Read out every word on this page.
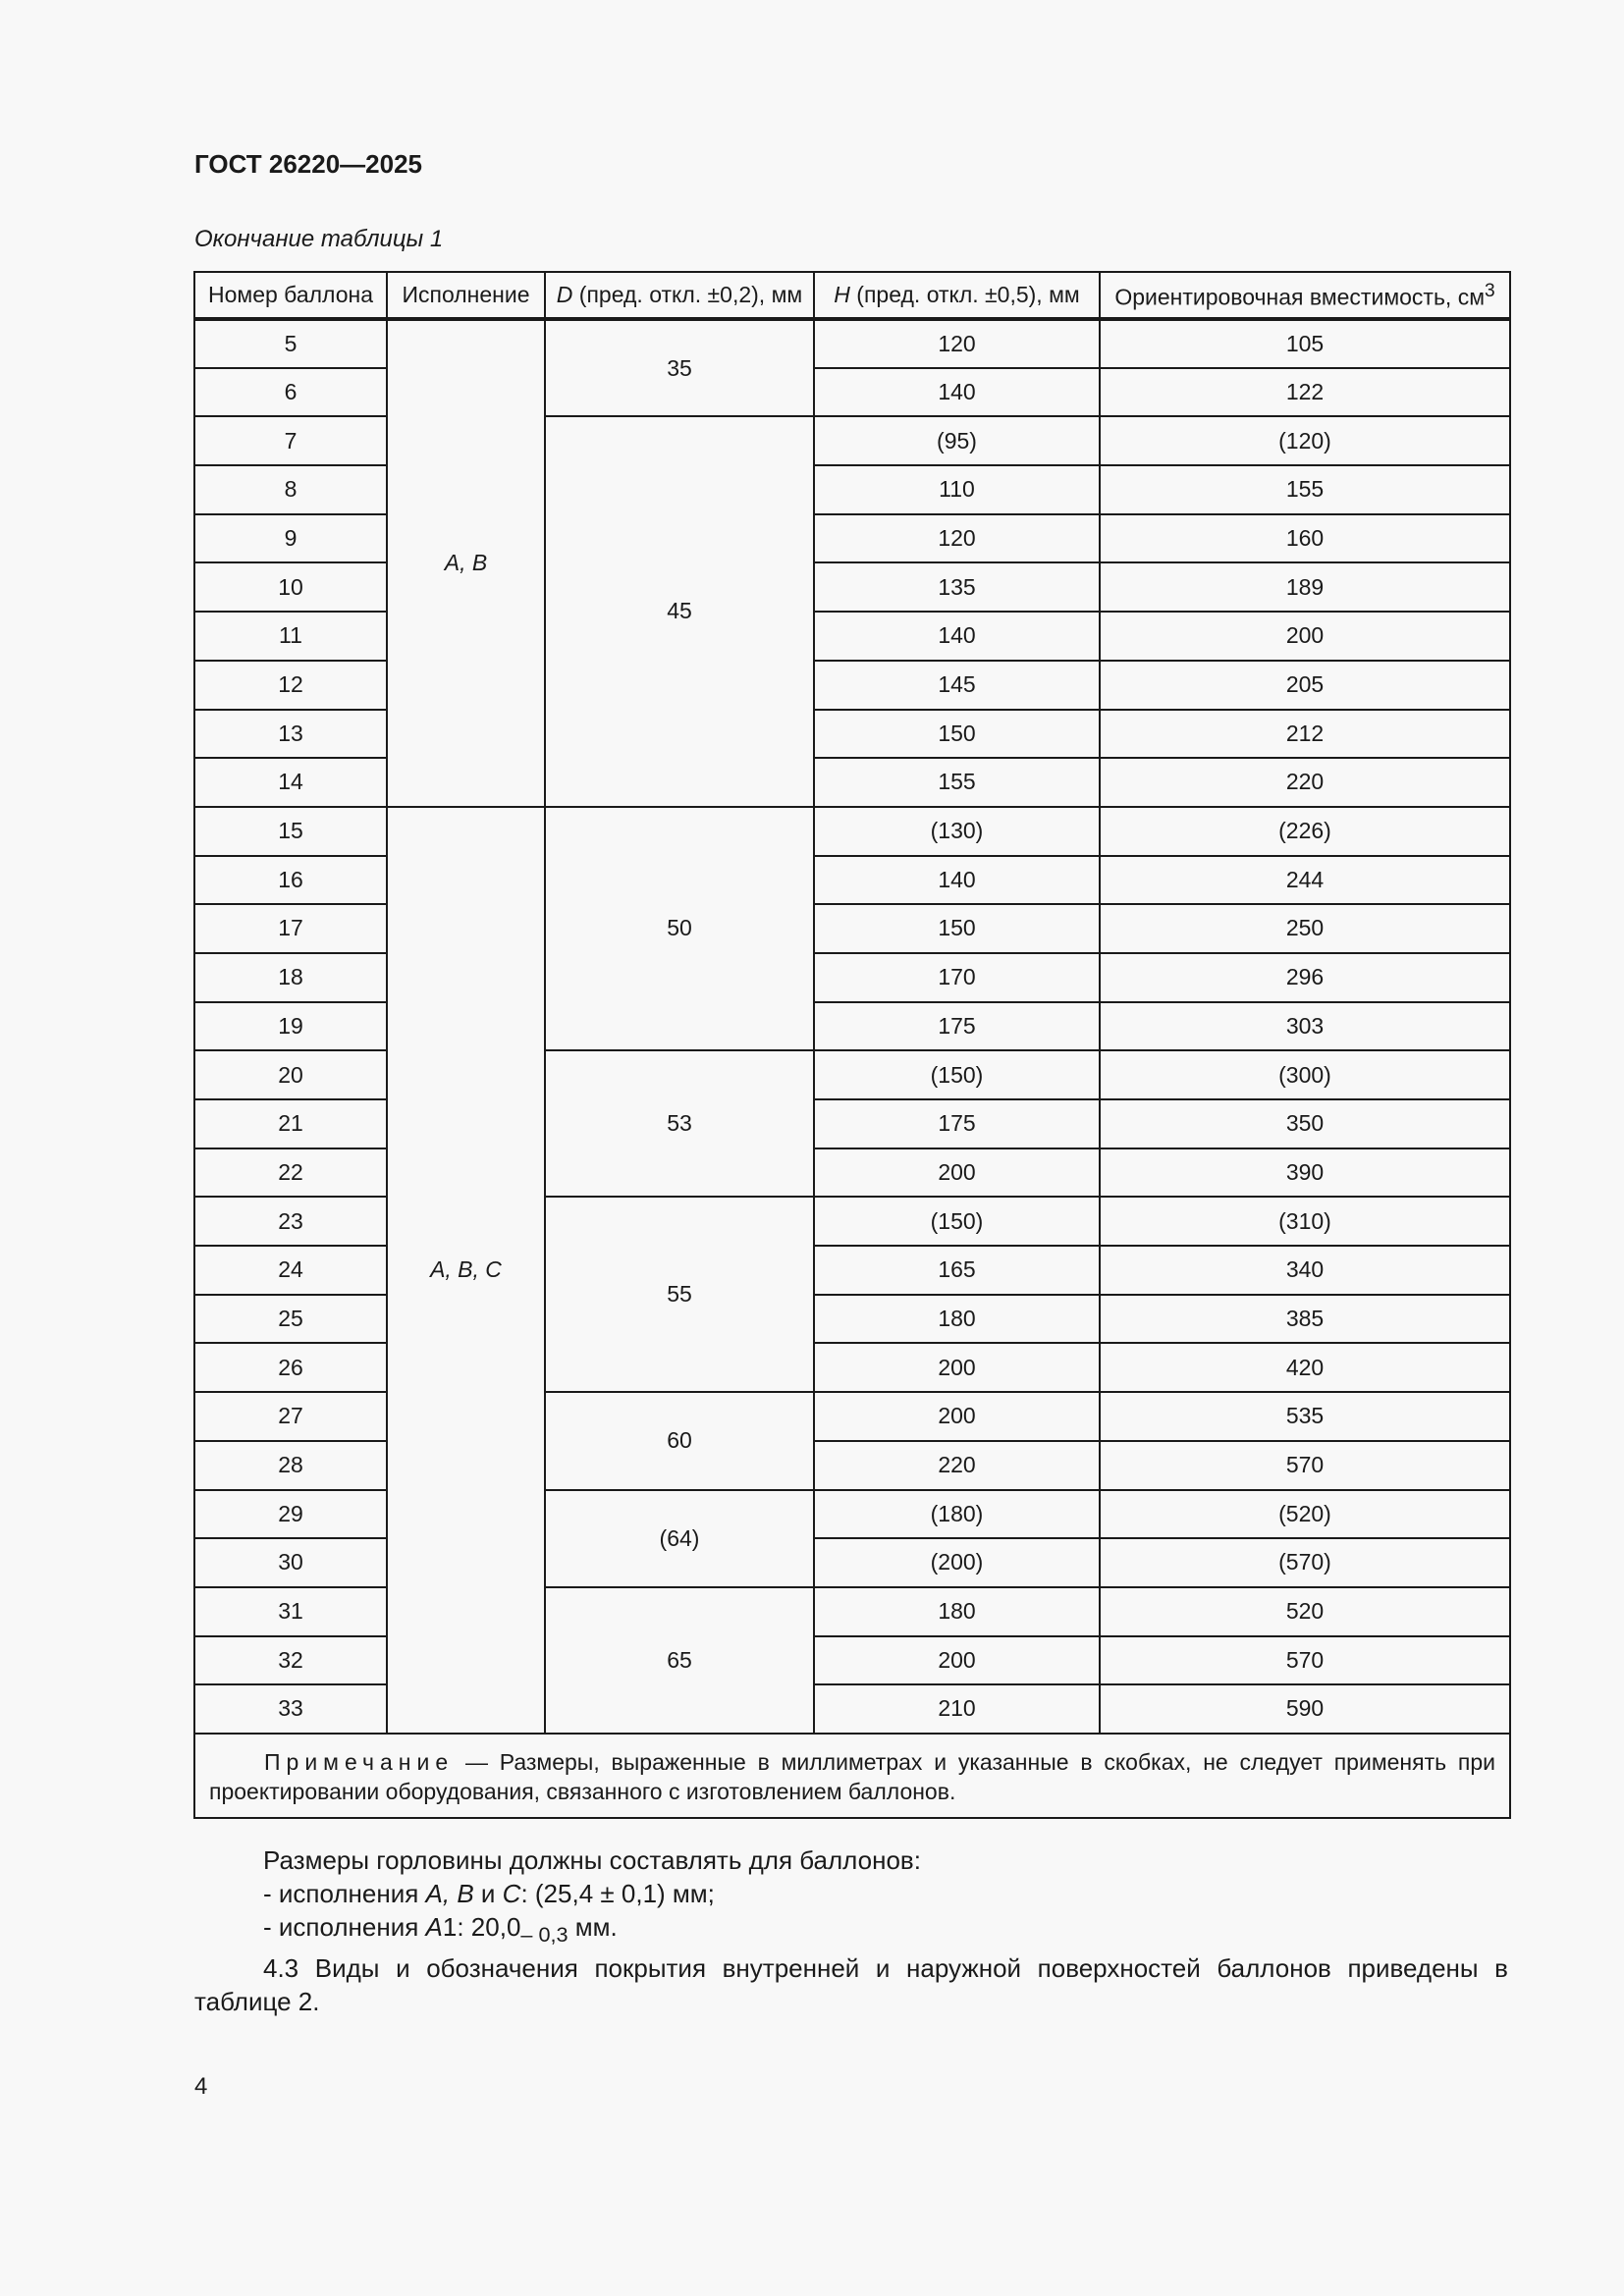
ГОСТ 26220—2025
Окончание таблицы 1
Номер баллона	Исполнение	D (пред. откл. ±0,2), мм	H (пред. откл. ±0,5), мм	Ориентировочная вместимость, $см^3$
5	A, B	35	120	105
6			140	122
7		45	(95)	(120)
8			110	155
9			120	160
10			135	189
11			140	200
12			145	205
13			150	212
14			155	220
15	A, B, C	50	(130)	(226)
16			140	244
17			150	250
18			170	296
19			175	303
20		53	(150)	(300)
21			175	350
22			200	390
23		55	(150)	(310)
24			165	340
25			180	385
26			200	420
27		60	200	535
28			220	570
29		(64)	(180)	(520)
30			(200)	(570)
31		65	180	520
32			200	570
33			210	590
Примечание — Размеры, выраженные в миллиметрах и указанные в скобках, не следует применять при проектировании оборудования, связанного с изготовлением баллонов.				

Размеры горловины должны составлять для баллонов:

- исполнения A, B и C: (25,4 ± 0,1) мм;

- исполнения A1: $20,0_{- 0,3}$ мм.

4.3 Виды и обозначения покрытия внутренней и наружной поверхностей баллонов приведены в таблице 2.

4
